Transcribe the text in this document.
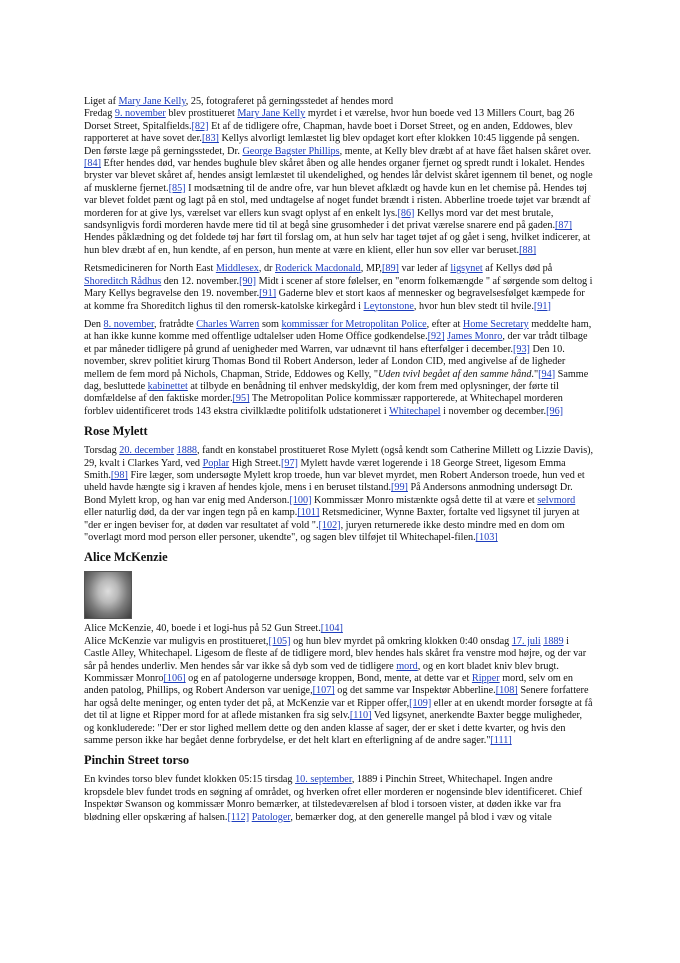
Liget af Mary Jane Kelly, 25, fotograferet på gerningsstedet af hendes mord

Fredag 9. november blev prostitueret Mary Jane Kelly myrdet i et værelse, hvor hun boede ved 13 Millers Court, bag 26 Dorset Street, Spitalfields.[82] Et af de tidligere ofre, Chapman, havde boet i Dorset Street, og en anden, Eddowes, blev rapporteret at have sovet der.[83] Kellys alvorligt lemlæstet lig blev opdaget kort efter klokken 10:45 liggende på sengen. Den første læge på gerningsstedet, Dr. George Bagster Phillips, mente, at Kelly blev dræbt af at have fået halsen skåret over.[84] Efter hendes død, var hendes bughule blev skåret åben og alle hendes organer fjernet og spredt rundt i lokalet. Hendes bryster var blevet skåret af, hendes ansigt lemlæstet til ukendelighed, og hendes lår delvist skåret igennem til benet, og nogle af musklerne fjernet.[85] I modsætning til de andre ofre, var hun blevet afklædt og havde kun en let chemise på. Hendes tøj var blevet foldet pænt og lagt på en stol, med undtagelse af noget fundet brændt i risten. Abberline troede tøjet var brændt af morderen for at give lys, værelset var ellers kun svagt oplyst af en enkelt lys.[86] Kellys mord var det mest brutale, sandsynligvis fordi morderen havde mere tid til at begå sine grusomheder i det privat værelse snarere end på gaden.[87] Hendes påklædning og det foldede tøj har ført til forslag om, at hun selv har taget tøjet af og gået i seng, hvilket indicerer, at hun blev dræbt af en, hun kendte, af en person, hun mente at være en klient, eller hun sov eller var beruset.[88]

Retsmedicineren for North East Middlesex, dr Roderick Macdonald, MP,[89] var leder af ligsynet af Kellys død på Shoreditch Rådhus den 12. november.[90] Midt i scener af store følelser, en "enorm folkemængde " af sørgende som deltog i Mary Kellys begravelse den 19. november.[91] Gaderne blev et stort kaos af mennesker og begravelsesfølget kæmpede for at komme fra Shoreditch lighus til den romersk-katolske kirkegård i Leytonstone, hvor hun blev stedt til hvile.[91]

Den 8. november, fratrådte Charles Warren som kommissær for Metropolitan Police, efter at Home Secretary meddelte ham, at han ikke kunne komme med offentlige udtalelser uden Home Office godkendelse.[92] James Monro, der var trådt tilbage et par måneder tidligere på grund af uenigheder med Warren, var udnævnt til hans efterfølger i december.[93] Den 10. november, skrev politiet kirurg Thomas Bond til Robert Anderson, leder af London CID, med angivelse af de ligheder mellem de fem mord på Nichols, Chapman, Stride, Eddowes og Kelly, "Uden tvivl begået af den samme hånd."[94] Samme dag, besluttede kabinettet at tilbyde en benådning til enhver medskyldig, der kom frem med oplysninger, der førte til domfældelse af den faktiske morder.[95] The Metropolitan Police kommissær rapporterede, at Whitechapel morderen forblev uidentificeret trods 143 ekstra civilklædte politifolk udstationeret i Whitechapel i november og december.[96]

Rose Mylett

Torsdag 20. december 1888, fandt en konstabel prostitueret Rose Mylett (også kendt som Catherine Millett og Lizzie Davis), 29, kvalt i Clarkes Yard, ved Poplar High Street.[97] Mylett havde været logerende i 18 George Street, ligesom Emma Smith.[98] Fire læger, som undersøgte Mylett krop troede, hun var blevet myrdet, men Robert Anderson troede, hun ved et uheld havde hængte sig i kraven af hendes kjole, mens i en beruset tilstand.[99] På Andersons anmodning undersøgt Dr. Bond Mylett krop, og han var enig med Anderson.[100] Kommissær Monro mistænkte også dette til at være et selvmord eller naturlig død, da der var ingen tegn på en kamp.[101] Retsmediciner, Wynne Baxter, fortalte ved ligsynet til juryen at "der er ingen beviser for, at døden var resultatet af vold ".[102], juryen returnerede ikke desto mindre med en dom om "overlagt mord mod person eller personer, ukendte", og sagen blev tilføjet til Whitechapel-filen.[103]

Alice McKenzie

Alice McKenzie, 40, boede i et logi-hus på 52 Gun Street.[104]

Alice McKenzie var muligvis en prostitueret,[105] og hun blev myrdet på omkring klokken 0:40 onsdag 17. juli 1889 i Castle Alley, Whitechapel. Ligesom de fleste af de tidligere mord, blev hendes hals skåret fra venstre mod højre, og der var sår på hendes underliv. Men hendes sår var ikke så dyb som ved de tidligere mord, og en kort bladet kniv blev brugt. Kommissær Monro[106] og en af patologerne undersøge kroppen, Bond, mente, at dette var et Ripper mord, selv om en anden patolog, Phillips, og Robert Anderson var uenige,[107] og det samme var Inspektør Abberline.[108] Senere forfattere har også delte meninger, og enten tyder det på, at McKenzie var et Ripper offer,[109] eller at en ukendt morder forsøgte at få det til at ligne et Ripper mord for at aflede mistanken fra sig selv.[110] Ved ligsynet, anerkendte Baxter begge muligheder, og konkluderede: "Der er stor lighed mellem dette og den anden klasse af sager, der er sket i dette kvarter, og hvis den samme person ikke har begået denne forbrydelse, er det helt klart en efterligning af de andre sager."[111]

Pinchin Street torso

En kvindes torso blev fundet klokken 05:15 tirsdag 10. september, 1889 i Pinchin Street, Whitechapel. Ingen andre kropsdele blev fundet trods en søgning af området, og hverken ofret eller morderen er nogensinde blev identificeret. Chief Inspektør Swanson og kommissær Monro bemærker, at tilstedeværelsen af blod i torsoen vister, at døden ikke var fra blødning eller opskæring af halsen.[112] Patologer, bemærker dog, at den generelle mangel på blod i væv og vitale
